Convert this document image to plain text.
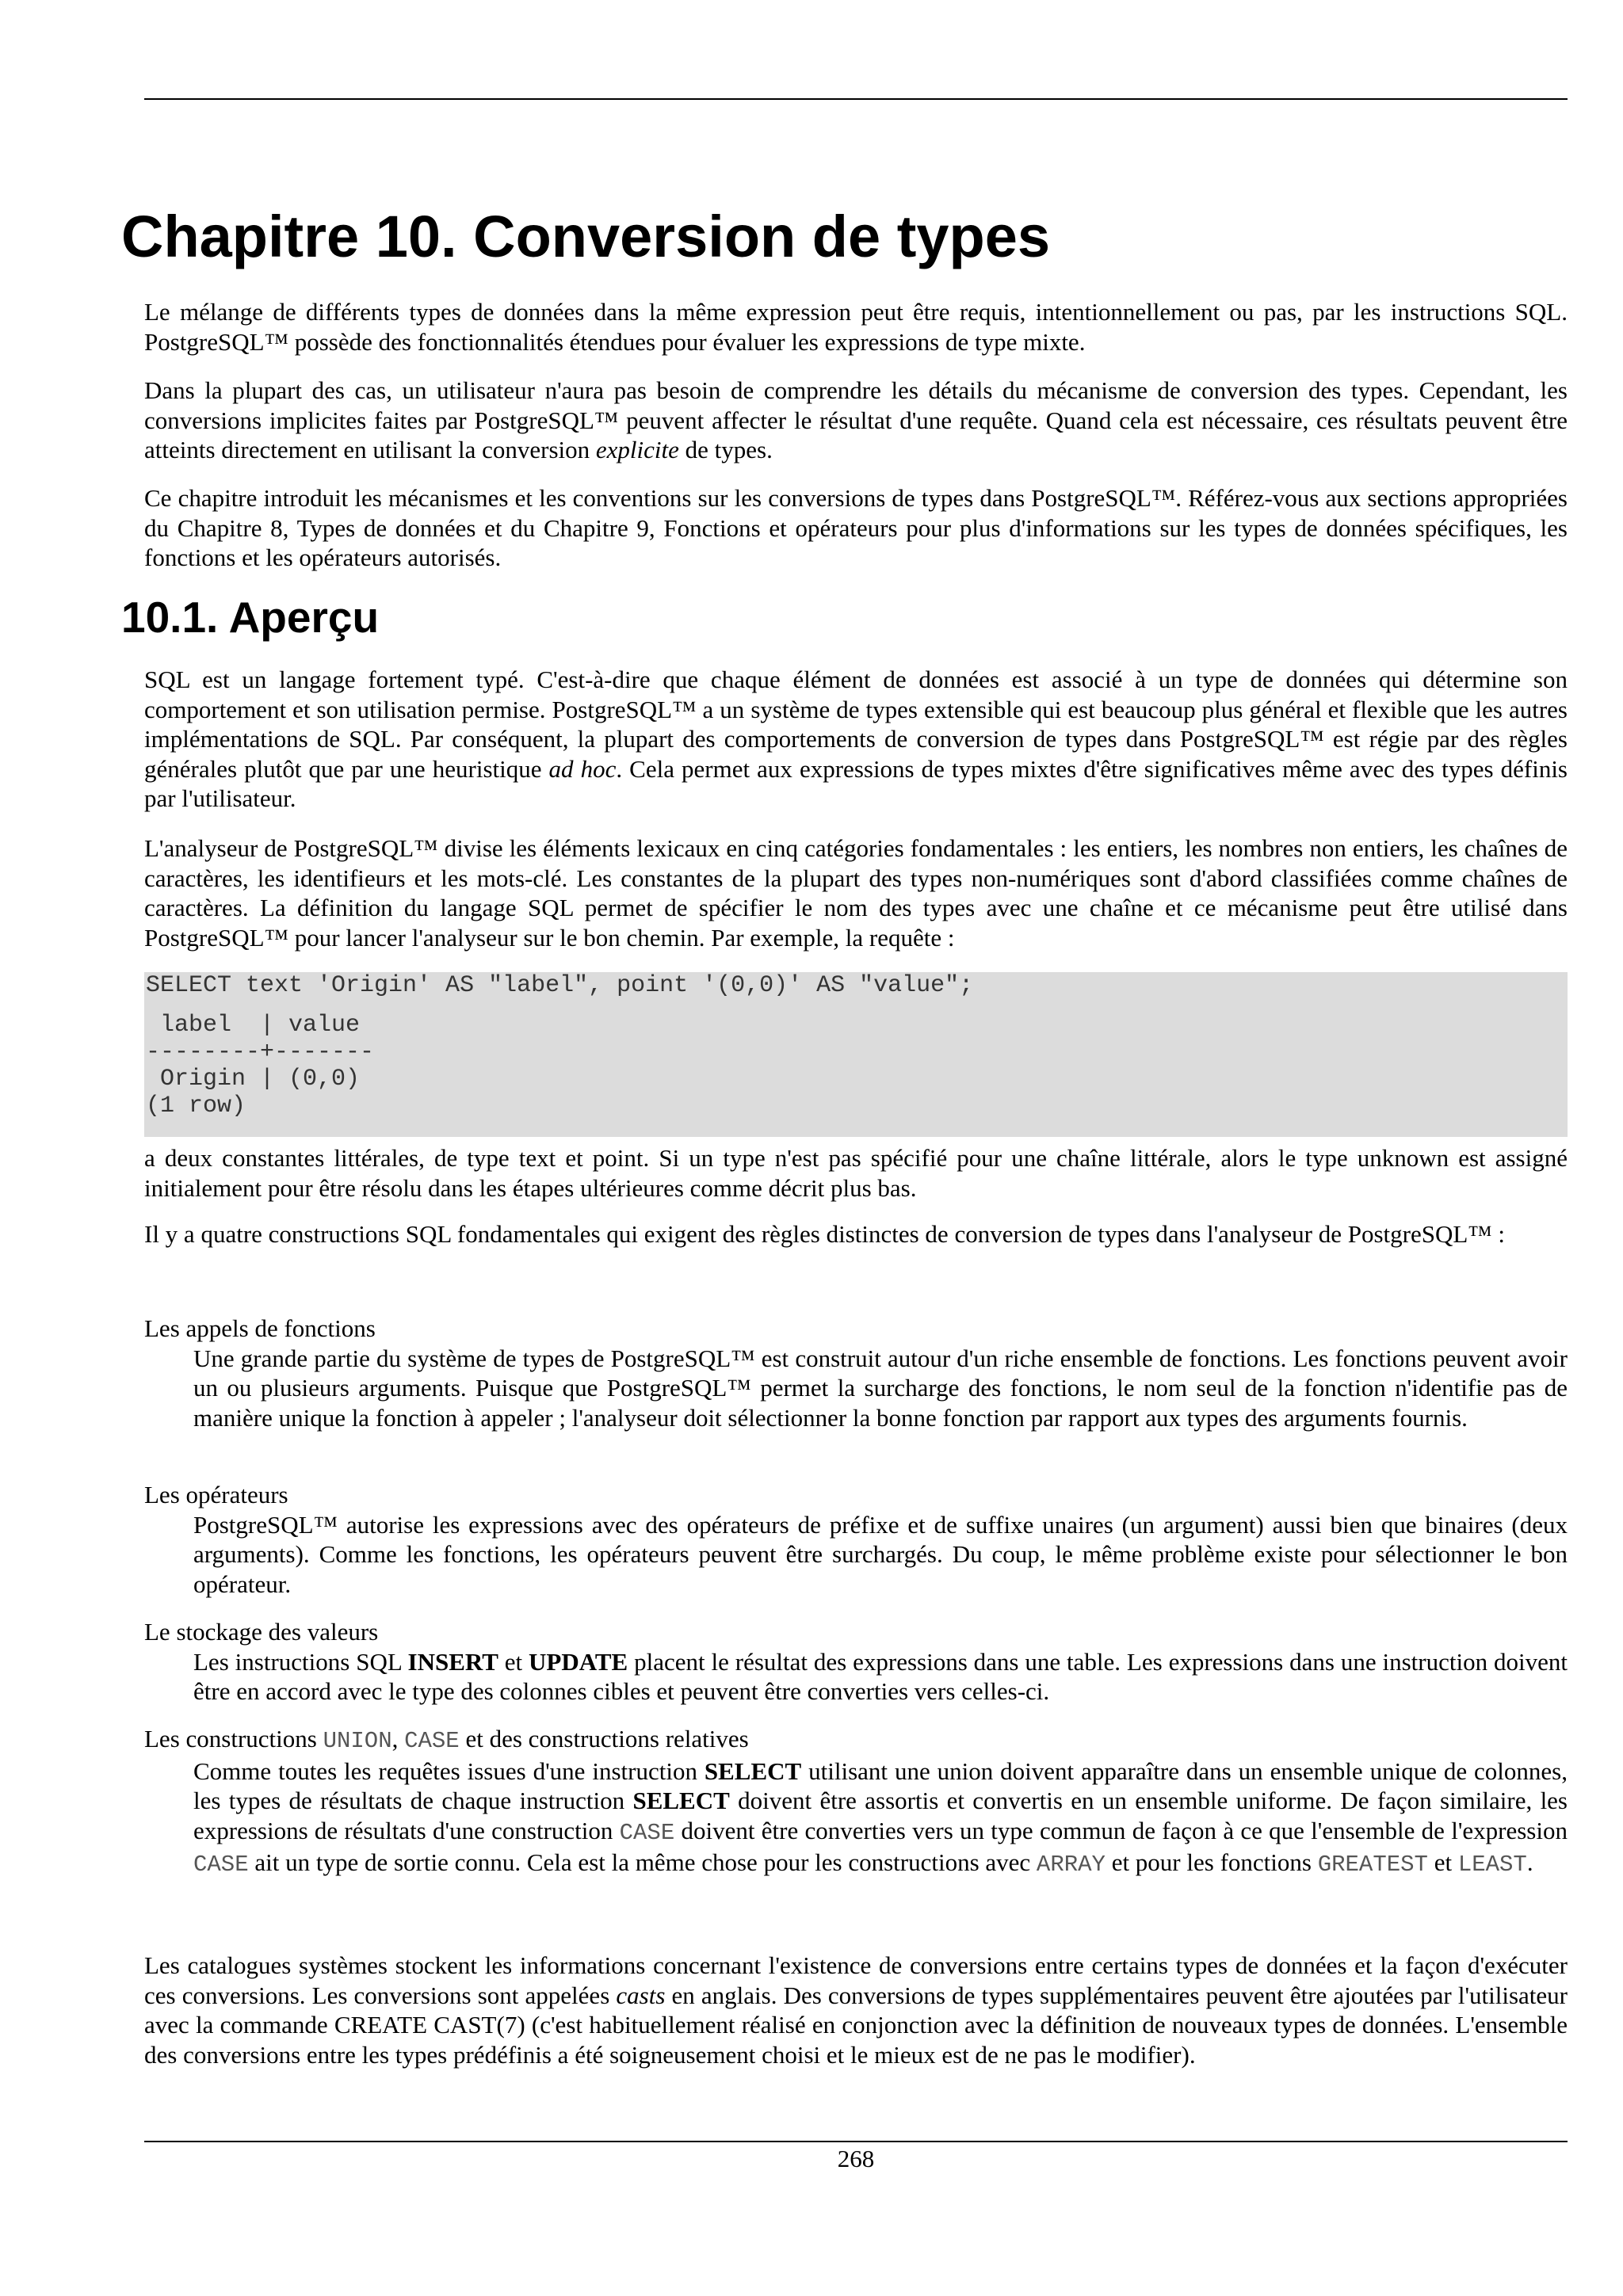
Chapitre 10. Conversion de types

Le mélange de différents types de données dans la même expression peut être requis, intentionnellement ou pas, par les instructions SQL. PostgreSQL™ possède des fonctionnalités étendues pour évaluer les expressions de type mixte.

Dans la plupart des cas, un utilisateur n'aura pas besoin de comprendre les détails du mécanisme de conversion des types. Cependant, les conversions implicites faites par PostgreSQL™ peuvent affecter le résultat d'une requête. Quand cela est nécessaire, ces résultats peuvent être atteints directement en utilisant la conversion explicite de types.

Ce chapitre introduit les mécanismes et les conventions sur les conversions de types dans PostgreSQL™. Référez-vous aux sections appropriées du Chapitre 8, Types de données et du Chapitre 9, Fonctions et opérateurs pour plus d'informations sur les types de données spécifiques, les fonctions et les opérateurs autorisés.

10.1. Aperçu

SQL est un langage fortement typé. C'est-à-dire que chaque élément de données est associé à un type de données qui détermine son comportement et son utilisation permise. PostgreSQL™ a un système de types extensible qui est beaucoup plus général et flexible que les autres implémentations de SQL. Par conséquent, la plupart des comportements de conversion de types dans PostgreSQL™ est régie par des règles générales plutôt que par une heuristique ad hoc. Cela permet aux expressions de types mixtes d'être significatives même avec des types définis par l'utilisateur.

L'analyseur de PostgreSQL™ divise les éléments lexicaux en cinq catégories fondamentales : les entiers, les nombres non entiers, les chaînes de caractères, les identifieurs et les mots-clé. Les constantes de la plupart des types non-numériques sont d'abord classifiées comme chaînes de caractères. La définition du langage SQL permet de spécifier le nom des types avec une chaîne et ce mécanisme peut être utilisé dans PostgreSQL™ pour lancer l'analyseur sur le bon chemin. Par exemple, la requête :

SELECT text 'Origin' AS "label", point '(0,0)' AS "value";
label  | value
--------+-------
Origin | (0,0)
(1 row)

a deux constantes littérales, de type text et point. Si un type n'est pas spécifié pour une chaîne littérale, alors le type unknown est assigné initialement pour être résolu dans les étapes ultérieures comme décrit plus bas.

Il y a quatre constructions SQL fondamentales qui exigent des règles distinctes de conversion de types dans l'analyseur de PostgreSQL™ :

Les appels de fonctions
Une grande partie du système de types de PostgreSQL™ est construit autour d'un riche ensemble de fonctions. Les fonctions peuvent avoir un ou plusieurs arguments. Puisque que PostgreSQL™ permet la surcharge des fonctions, le nom seul de la fonction n'identifie pas de manière unique la fonction à appeler ; l'analyseur doit sélectionner la bonne fonction par rapport aux types des arguments fournis.
Les opérateurs
PostgreSQL™ autorise les expressions avec des opérateurs de préfixe et de suffixe unaires (un argument) aussi bien que binaires (deux arguments). Comme les fonctions, les opérateurs peuvent être surchargés. Du coup, le même problème existe pour sélectionner le bon opérateur.
Le stockage des valeurs
Les instructions SQL INSERT et UPDATE placent le résultat des expressions dans une table. Les expressions dans une instruction doivent être en accord avec le type des colonnes cibles et peuvent être converties vers celles-ci.
Les constructions UNION, CASE et des constructions relatives
Comme toutes les requêtes issues d'une instruction SELECT utilisant une union doivent apparaître dans un ensemble unique de colonnes, les types de résultats de chaque instruction SELECT doivent être assortis et convertis en un ensemble uniforme. De façon similaire, les expressions de résultats d'une construction CASE doivent être converties vers un type commun de façon à ce que l'ensemble de l'expression CASE ait un type de sortie connu. Cela est la même chose pour les constructions avec ARRAY et pour les fonctions GREATEST et LEAST.

Les catalogues systèmes stockent les informations concernant l'existence de conversions entre certains types de données et la façon d'exécuter ces conversions. Les conversions sont appelées casts en anglais. Des conversions de types supplémentaires peuvent être ajoutées par l'utilisateur avec la commande CREATE CAST(7) (c'est habituellement réalisé en conjonction avec la définition de nouveaux types de données. L'ensemble des conversions entre les types prédéfinis a été soigneusement choisi et le mieux est de ne pas le modifier).

268
